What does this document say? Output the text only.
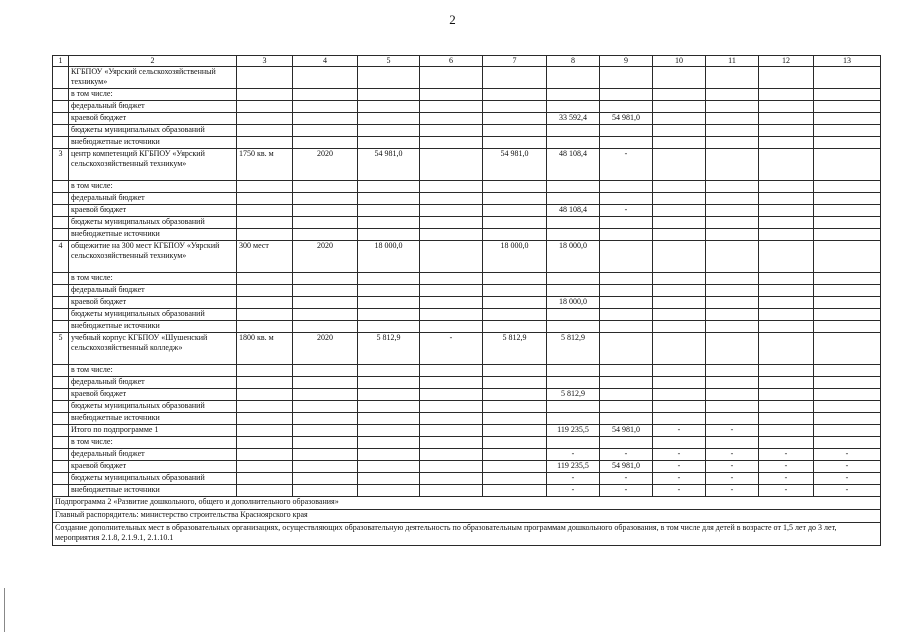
2
1	2	3	4	5	6	7	8	9	10	11	12	13
	КГБПОУ «Уярский сельскохозяйственный техникум»											
	в том числе:											
	федеральный бюджет											
	краевой бюджет						33 592,4	54 981,0				
	бюджеты муниципальных образований											
	внебюджетные источники											
3	центр компетенций КГБПОУ «Уярский сельскохозяйственный техникум»	1750 кв. м	2020	54 981,0		54 981,0	48 108,4	-				
	в том числе:											
	федеральный бюджет											
	краевой бюджет						48 108,4	-				
	бюджеты муниципальных образований											
	внебюджетные источники											
4	общежитие на 300 мест КГБПОУ «Уярский сельскохозяйственный техникум»	300 мест	2020	18 000,0		18 000,0	18 000,0					
	в том числе:											
	федеральный бюджет											
	краевой бюджет						18 000,0					
	бюджеты муниципальных образований											
	внебюджетные источники											
5	учебный корпус КГБПОУ «Шушенский сельскохозяйственный колледж»	1800 кв. м	2020	5 812,9	-	5 812,9	5 812,9					
	в том числе:											
	федеральный бюджет											
	краевой бюджет						5 812,9					
	бюджеты муниципальных образований											
	внебюджетные источники											
	Итого по подпрограмме 1						119 235,5	54 981,0	-	-		
	в том числе:											
	федеральный бюджет						-	-	-	-	-	-
	краевой бюджет						119 235,5	54 981,0	-	-	-	-
	бюджеты муниципальных образований						-	-	-	-	-	-
	внебюджетные источники						-	-	-	-	-	-
Подпрограмма 2 «Развитие дошкольного, общего и дополнительного образования»												
Главный распорядитель: министерство строительства Красноярского края												
Создание дополнительных мест в образовательных организациях, осуществляющих образовательную деятельность по образовательным программам дошкольного образования, в том числе для детей в возрасте от 1,5 лет до 3 лет, мероприятия 2.1.8, 2.1.9.1, 2.1.10.1												
